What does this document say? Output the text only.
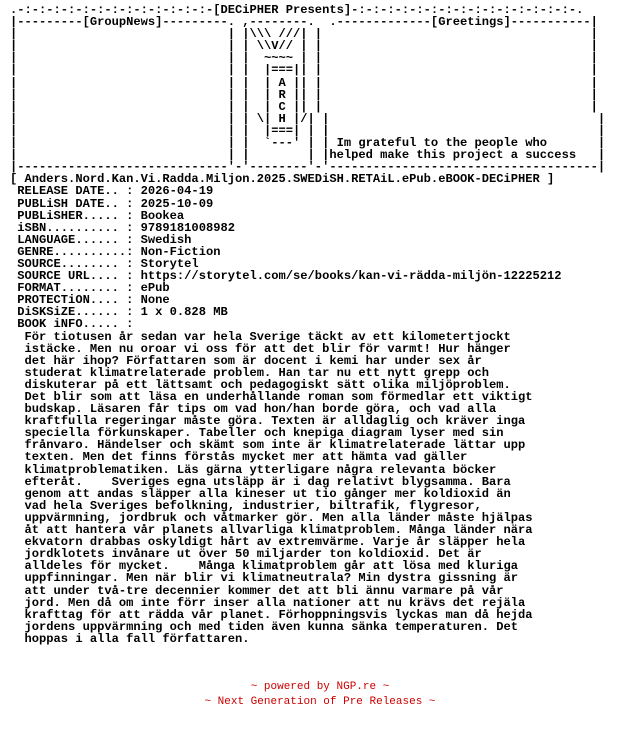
.-:-:-:-:-:-:-:-:-:-:-:-:-:-[DECiPHER Presents]-:-:-:-:-:-:-:-:-:-:-:-:-:-:-:-.
|---------[GroupNews]---------. ,--------.  .-------------[Greetings]-----------|
|                             | |\\\ ///| |                                     |
|                             | | \\V// | |                                     |
|                             | |  ~~~~ | |                                     |
|                             | |  |===|| |                                     |
|                             | |  | A || |                                     |
|                             | |  | R || |                                     |
|                             | |  | C || |                                     |
|                             | | \| H |/| |                                     |
|                             | |  |===| | |                                     |
|                             | |  `---' | | Im grateful to the people who       |
|                             | |        | |helped make this project a success   |
|-----------------------------'-'--------'-'-------------------------------------|
[ Anders.Nord.Kan.Vi.Radda.Miljon.2025.SWEDiSH.RETAiL.ePub.eBOOK-DECiPHER ]
RELEASE DATE.. : 2026-04-19
PUBLiSH DATE.. : 2025-10-09
PUBLiSHER..... : Bookea
iSBN.......... : 9789181008982
LANGUAGE...... : Swedish
GENRE..........: Non-Fiction
SOURCE........ : Storytel
SOURCE URL.... : https://storytel.com/se/books/kan-vi-rädda-miljön-12225212
FORMAT........ : ePub
PROTECTiON.... : None
DiSKSiZE...... : 1 x 0.828 MB
BOOK iNFO..... :
För tiotusen år sedan var hela Sverige täckt av ett kilometertjockt
istäcke. Men nu oroar vi oss för att det blir för varmt! Hur hänger
det här ihop? Författaren som är docent i kemi har under sex år
studerat klimatrelaterade problem. Han tar nu ett nytt grepp och
diskuterar på ett lättsamt och pedagogiskt sätt olika miljöproblem.
Det blir som att läsa en underhållande roman som förmedlar ett viktigt
budskap. Läsaren får tips om vad hon/han borde göra, och vad alla
kraftfulla regeringar måste göra. Texten är alldaglig och kräver inga
speciella förkunskaper. Tabeller och knepiga diagram lyser med sin
frånvaro. Händelser och skämt som inte är klimatrelaterade lättar upp
texten. Men det finns förstås mycket mer att hämta vad gäller
klimatproblematiken. Läs gärna ytterligare några relevanta böcker
efteråt.    Sveriges egna utsläpp är i dag relativt blygsamma. Bara
genom att andas släpper alla kineser ut tio gånger mer koldioxid än
vad hela Sveriges befolkning, industrier, biltrafik, flygresor,
uppvärmning, jordbruk och våtmarker gör. Men alla länder måste hjälpas
åt att hantera vår planets allvarliga klimatproblem. Många länder nära
ekvatorn drabbas oskyldigt hårt av extremvärme. Varje år släpper hela
jordklotets invånare ut över 50 miljarder ton koldioxid. Det är
alldeles för mycket.    Många klimatproblem går att lösa med kluriga
uppfinningar. Men när blir vi klimatneutrala? Min dystra gissning är
att under två-tre decennier kommer det att bli ännu varmare på vår
jord. Men då om inte förr inser alla nationer att nu krävs det rejäla
krafttag för att rädda vår planet. Förhoppningsvis lyckas man då hejda
jordens uppvärmning och med tiden även kunna sänka temperaturen. Det
hoppas i alla fall författaren.
~ powered by NGP.re ~
~ Next Generation of Pre Releases ~
